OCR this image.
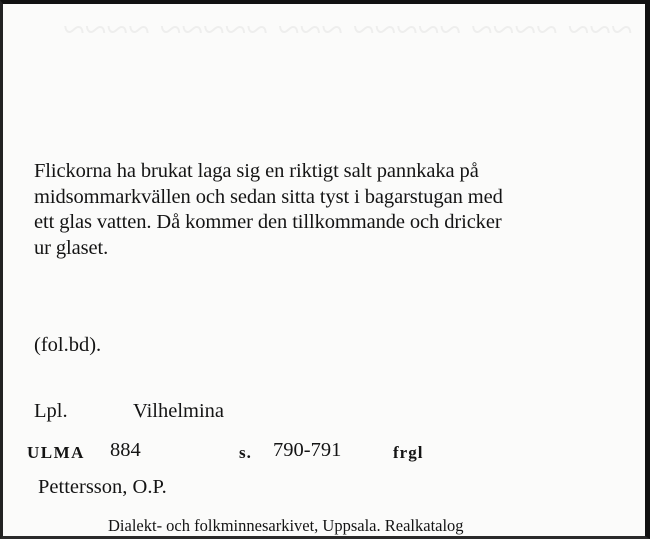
~~~ ~~~~ ~~~~~ ~~~ ~~~~~ ~~~~
Flickorna ha brukat laga sig en riktigt salt pannkaka på
midsommarkvällen och sedan sitta tyst i bagarstugan med
ett glas vatten. Då kommer den tillkommande och dricker
ur glaset.
(fol.bd).
Lpl.	Vilhelmina
ULMA 884	s. 790-791	frgl
Pettersson, O.P.
Dialekt- och folkminnesarkivet, Uppsala. Realkatalog
